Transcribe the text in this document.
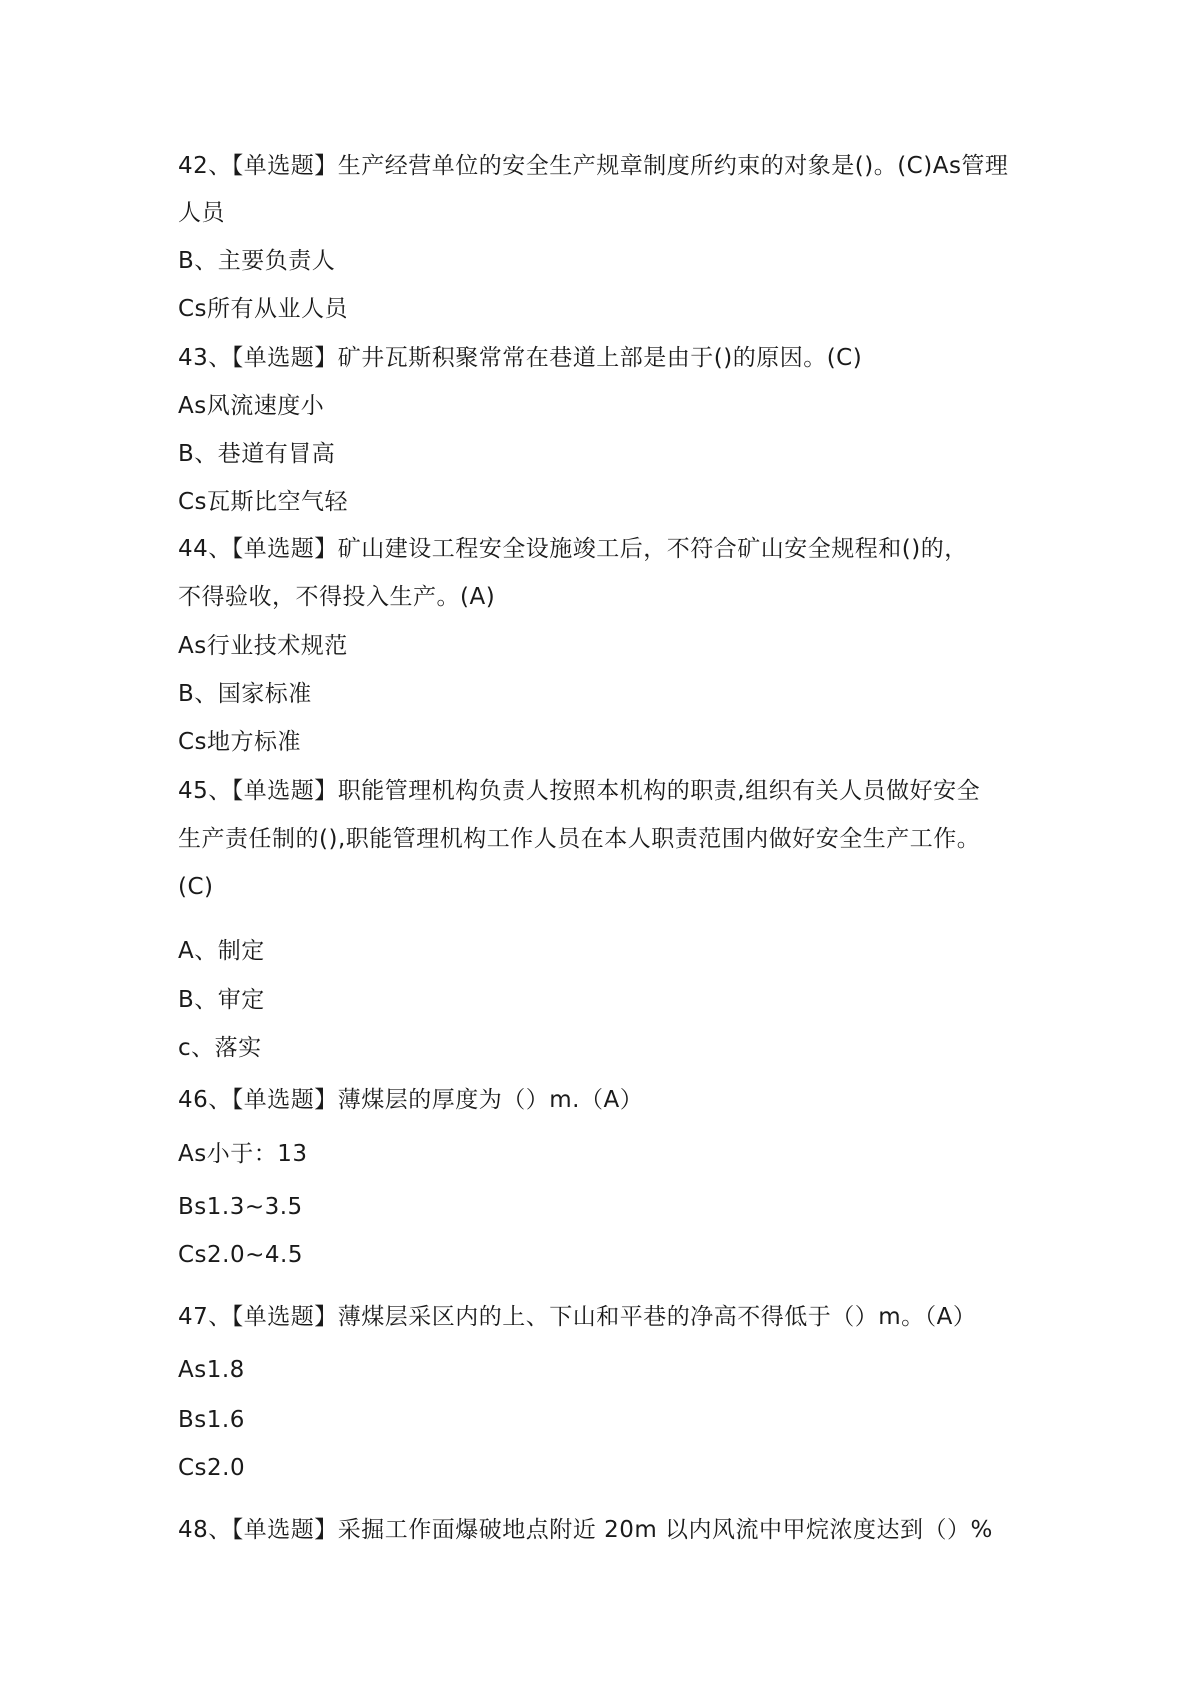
42、【单选题】生产经营单位的安全生产规章制度所约束的对象是()。(C)As管理
人员
B、主要负责人
Cs所有从业人员
43、【单选题】矿井瓦斯积聚常常在巷道上部是由于()的原因。(C)
As风流速度小
B、巷道有冒高
Cs瓦斯比空气轻
44、【单选题】矿山建设工程安全设施竣工后，不符合矿山安全规程和()的，
不得验收，不得投入生产。(A)
As行业技术规范
B、国家标准
Cs地方标准
45、【单选题】职能管理机构负责人按照本机构的职责,组织有关人员做好安全
生产责任制的(),职能管理机构工作人员在本人职责范围内做好安全生产工作。
(C)
A、制定
B、审定
c、落实
46、【单选题】薄煤层的厚度为（）m.（A）
As小于：13
Bs1.3~3.5
Cs2.0~4.5
47、【单选题】薄煤层采区内的上、下山和平巷的净高不得低于（）m。（A）
As1.8
Bs1.6
Cs2.0
48、【单选题】采掘工作面爆破地点附近 20m 以内风流中甲烷浓度达到（）%
